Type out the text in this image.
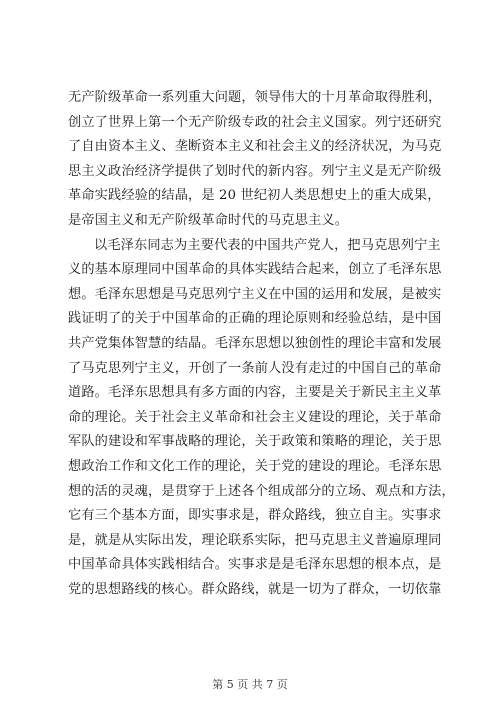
无产阶级革命一系列重大问题，领导伟大的十月革命取得胜利，
创立了世界上第一个无产阶级专政的社会主义国家。列宁还研究
了自由资本主义、垄断资本主义和社会主义的经济状况，为马克
思主义政治经济学提供了划时代的新内容。列宁主义是无产阶级
革命实践经验的结晶，是 20 世纪初人类思想史上的重大成果，
是帝国主义和无产阶级革命时代的马克思主义。
以毛泽东同志为主要代表的中国共产党人，把马克思列宁主
义的基本原理同中国革命的具体实践结合起来，创立了毛泽东思
想。毛泽东思想是马克思列宁主义在中国的运用和发展，是被实
践证明了的关于中国革命的正确的理论原则和经验总结，是中国
共产党集体智慧的结晶。毛泽东思想以独创性的理论丰富和发展
了马克思列宁主义，开创了一条前人没有走过的中国自己的革命
道路。毛泽东思想具有多方面的内容，主要是关于新民主主义革
命的理论。关于社会主义革命和社会主义建设的理论，关于革命
军队的建设和军事战略的理论，关于政策和策略的理论，关于思
想政治工作和文化工作的理论，关于党的建设的理论。毛泽东思
想的活的灵魂，是贯穿于上述各个组成部分的立场、观点和方法，
它有三个基本方面，即实事求是，群众路线，独立自主。实事求
是，就是从实际出发，理论联系实际，把马克思主义普遍原理同
中国革命具体实践相结合。实事求是是毛泽东思想的根本点，是
党的思想路线的核心。群众路线，就是一切为了群众，一切依靠
第 5 页 共 7 页
